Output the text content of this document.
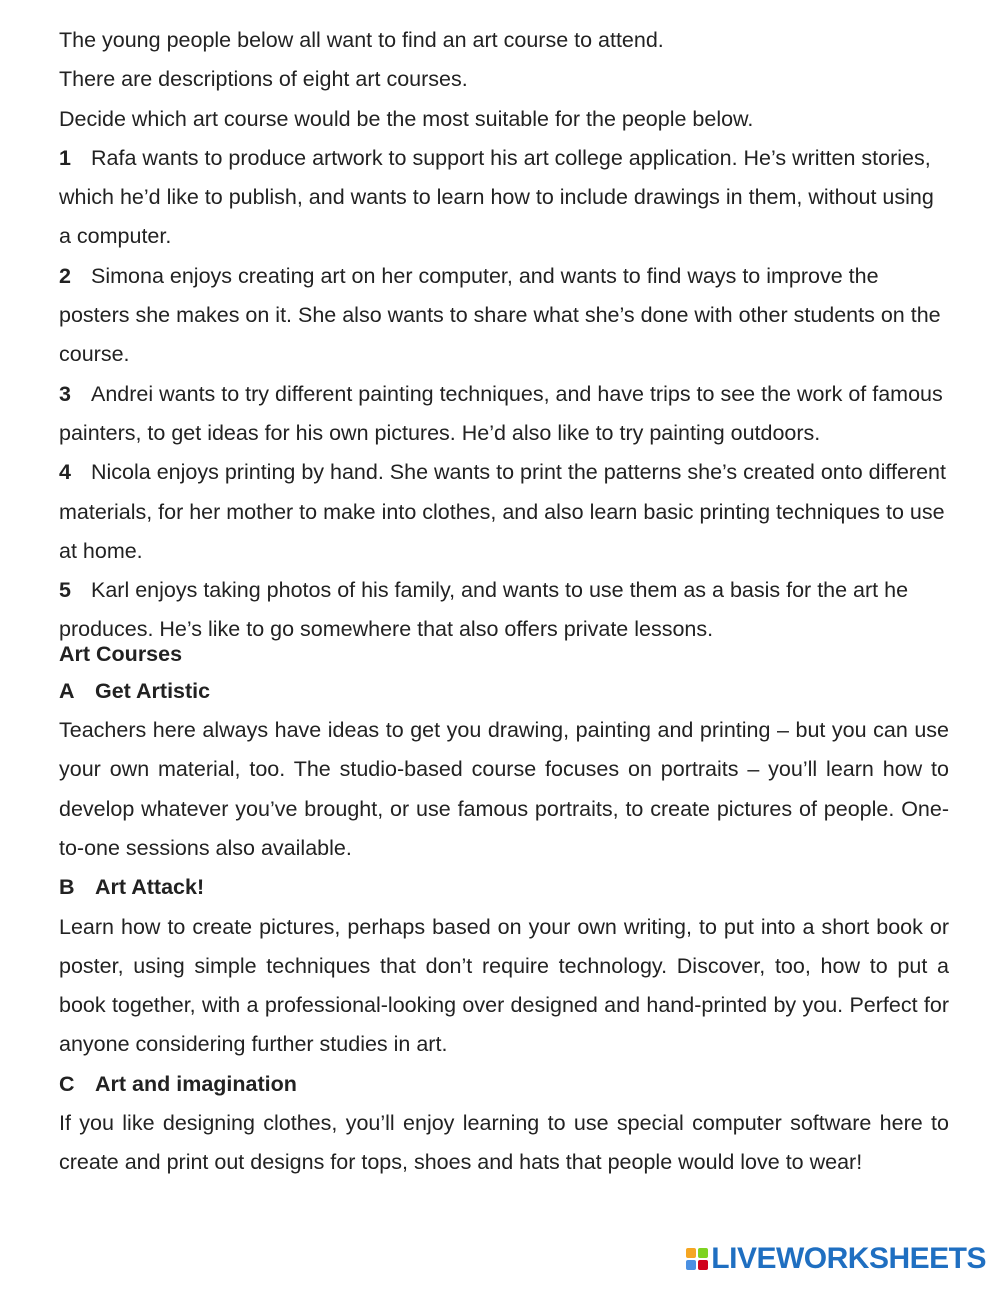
The young people below all want to find an art course to attend.
There are descriptions of eight art courses.
Decide which art course would be the most suitable for the people below.
1 Rafa wants to produce artwork to support his art college application. He’s written stories, which he’d like to publish, and wants to learn how to include drawings in them, without using a computer.
2 Simona enjoys creating art on her computer, and wants to find ways to improve the posters she makes on it. She also wants to share what she’s done with other students on the course.
3 Andrei wants to try different painting techniques, and have trips to see the work of famous painters, to get ideas for his own pictures. He’d also like to try painting outdoors.
4 Nicola enjoys printing by hand. She wants to print the patterns she’s created onto different materials, for her mother to make into clothes, and also learn basic printing techniques to use at home.
5 Karl enjoys taking photos of his family, and wants to use them as a basis for the art he produces. He’s like to go somewhere that also offers private lessons.
Art Courses
A Get Artistic
Teachers here always have ideas to get you drawing, painting and printing – but you can use your own material, too. The studio-based course focuses on portraits – you’ll learn how to develop whatever you’ve brought, or use famous portraits, to create pictures of people. One-to-one sessions also available.
B Art Attack!
Learn how to create pictures, perhaps based on your own writing, to put into a short book or poster, using simple techniques that don’t require technology. Discover, too, how to put a book together, with a professional-looking over designed and hand-printed by you. Perfect for anyone considering further studies in art.
C Art and imagination
If you like designing clothes, you’ll enjoy learning to use special computer software here to create and print out designs for tops, shoes and hats that people would love to wear!
LIVEWORKSHEETS
